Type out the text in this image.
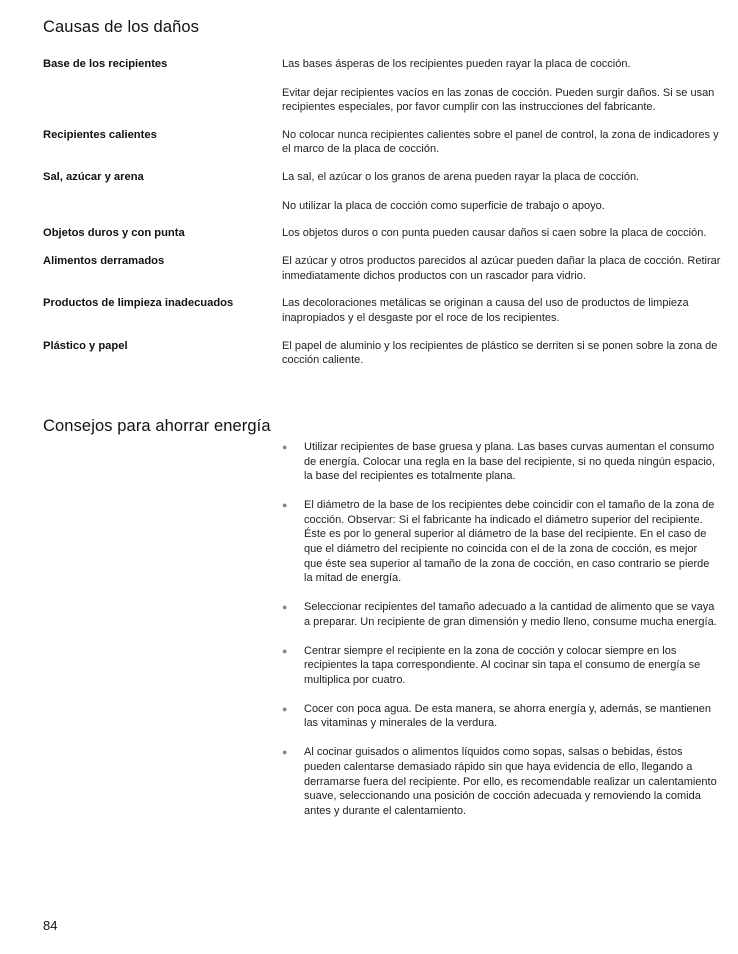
Causas de los daños
Base de los recipientes	Las bases ásperas de los recipientes pueden rayar la placa de cocción.

Evitar dejar recipientes vacíos en las zonas de cocción. Pueden surgir daños. Si se usan recipientes especiales, por favor cumplir con las instrucciones del fabricante.

Recipientes calientes	No colocar nunca recipientes calientes sobre el panel de control, la zona de indicadores y el marco de la placa de cocción.

Sal, azúcar y arena	La sal, el azúcar o los granos de arena pueden rayar la placa de cocción.

No utilizar la placa de cocción como superficie de trabajo o apoyo.

Objetos duros y con punta	Los objetos duros o con punta pueden causar daños si caen sobre la placa de cocción.

Alimentos derramados	El azúcar y otros productos parecidos al azúcar pueden dañar la placa de cocción. Retirar inmediatamente dichos productos con un rascador para vidrio.

Productos de limpieza inadecuados	Las decoloraciones metálicas se originan a causa del uso de productos de limpieza inapropiados y el desgaste por el roce de los recipientes.

Plástico y papel	El papel de aluminio y los recipientes de plástico se derriten si se ponen sobre la zona de cocción caliente.

Consejos para ahorrar energía
● Utilizar recipientes de base gruesa y plana. Las bases curvas aumentan el consumo de energía. Colocar una regla en la base del recipiente, si no queda ningún espacio, la base del recipientes es totalmente plana.
● El diámetro de la base de los recipientes debe coincidir con el tamaño de la zona de cocción. Observar: Si el fabricante ha indicado el diámetro superior del recipiente. Éste es por lo general superior al diámetro de la base del recipiente. En el caso de que el diámetro del recipiente no coincida con el de la zona de cocción, es mejor que éste sea superior al tamaño de la zona de cocción, en caso contrario se pierde la mitad de energía.
● Seleccionar recipientes del tamaño adecuado a la cantidad de alimento que se vaya a preparar. Un recipiente de gran dimensión y medio lleno, consume mucha energía.
● Centrar siempre el recipiente en la zona de cocción y colocar siempre en los recipientes la tapa correspondiente. Al cocinar sin tapa el consumo de energía se multiplica por cuatro.
● Cocer con poca agua. De esta manera, se ahorra energía y, además, se mantienen las vitaminas y minerales de la verdura.
● Al cocinar guisados o alimentos líquidos como sopas, salsas o bebidas, éstos pueden calentarse demasiado rápido sin que haya evidencia de ello, llegando a derramarse fuera del recipiente. Por ello, es recomendable realizar un calentamiento suave, seleccionando una posición de cocción adecuada y removiendo la comida antes y durante el calentamiento.
84
